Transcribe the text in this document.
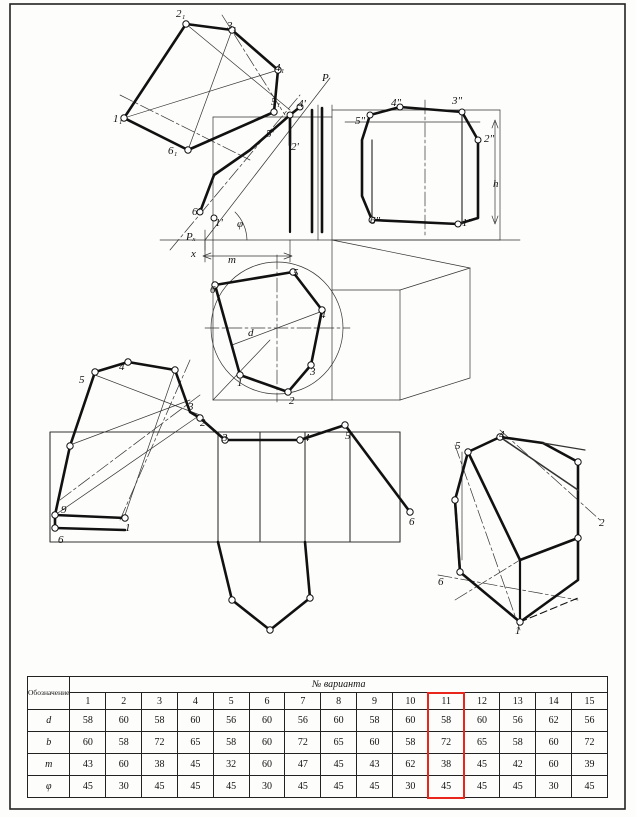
2₁
3₁
4₁
1₁
6₁
5₁
P
4'	4"	3"
5"
2"
5'
2'
h
6"	1"
6'
1' φ
Pₓ
x	m
5
6
4
d
3
1
2
4
5
3
2
3	4	5
6
9
1
6
5
4
2
6
1
Обозначение	№ варианта														
	1	2	3	4	5	6	7	8	9	10	11	12	13	14	15
d	58	60	58	60	56	60	56	60	58	60	58	60	56	62	56
b	60	58	72	65	58	60	72	65	60	58	72	65	58	60	72
m	43	60	38	45	32	60	47	45	43	62	38	45	42	60	39
φ	45	30	45	45	45	30	45	45	45	30	45	45	45	30	45
